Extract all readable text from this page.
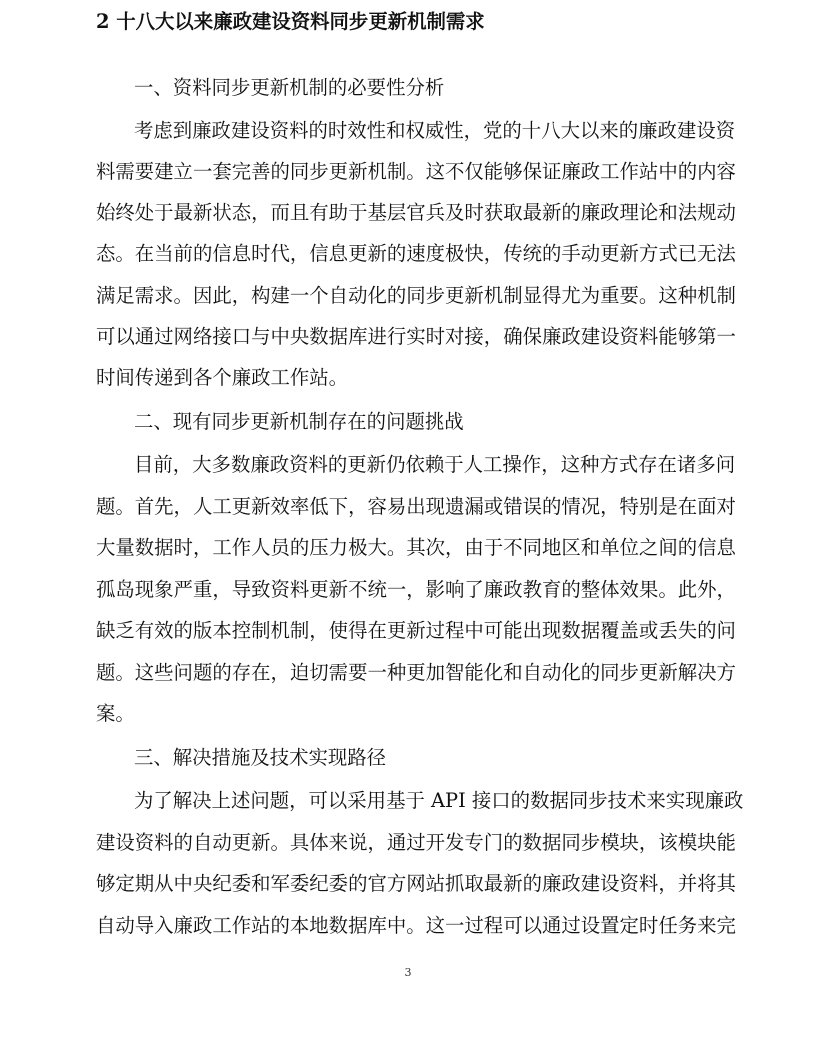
2 十八大以来廉政建设资料同步更新机制需求
一、资料同步更新机制的必要性分析
考虑到廉政建设资料的时效性和权威性，党的十八大以来的廉政建设资
料需要建立一套完善的同步更新机制。这不仅能够保证廉政工作站中的内容
始终处于最新状态，而且有助于基层官兵及时获取最新的廉政理论和法规动
态。在当前的信息时代，信息更新的速度极快，传统的手动更新方式已无法
满足需求。因此，构建一个自动化的同步更新机制显得尤为重要。这种机制
可以通过网络接口与中央数据库进行实时对接，确保廉政建设资料能够第一
时间传递到各个廉政工作站。
二、现有同步更新机制存在的问题挑战
目前，大多数廉政资料的更新仍依赖于人工操作，这种方式存在诸多问
题。首先，人工更新效率低下，容易出现遗漏或错误的情况，特别是在面对
大量数据时，工作人员的压力极大。其次，由于不同地区和单位之间的信息
孤岛现象严重，导致资料更新不统一，影响了廉政教育的整体效果。此外，
缺乏有效的版本控制机制，使得在更新过程中可能出现数据覆盖或丢失的问
题。这些问题的存在，迫切需要一种更加智能化和自动化的同步更新解决方
案。
三、解决措施及技术实现路径
为了解决上述问题，可以采用基于 API 接口的数据同步技术来实现廉政
建设资料的自动更新。具体来说，通过开发专门的数据同步模块，该模块能
够定期从中央纪委和军委纪委的官方网站抓取最新的廉政建设资料，并将其
自动导入廉政工作站的本地数据库中。这一过程可以通过设置定时任务来完
3
